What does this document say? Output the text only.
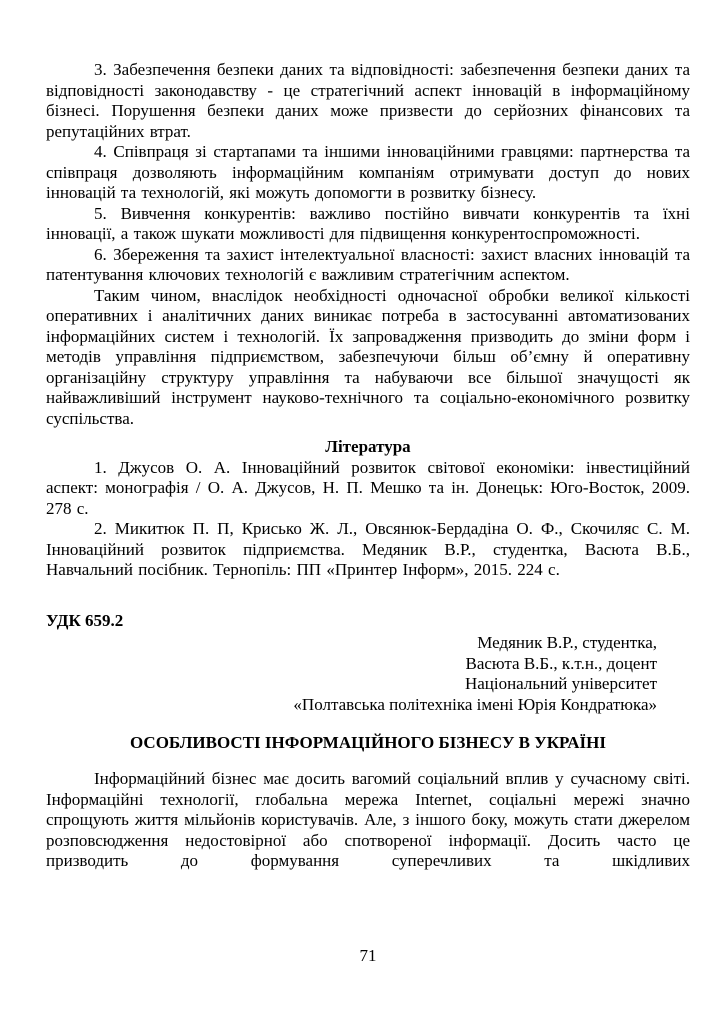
3. Забезпечення безпеки даних та відповідності: забезпечення безпеки даних та відповідності законодавству - це стратегічний аспект інновацій в інформаційному бізнесі. Порушення безпеки даних може призвести до серйозних фінансових та репутаційних втрат.

4. Співпраця зі стартапами та іншими інноваційними гравцями: партнерства та співпраця дозволяють інформаційним компаніям отримувати доступ до нових інновацій та технологій, які можуть допомогти в розвитку бізнесу.

5. Вивчення конкурентів: важливо постійно вивчати конкурентів та їхні інновації, а також шукати можливості для підвищення конкурентоспроможності.

6. Збереження та захист інтелектуальної власності: захист власних інновацій та патентування ключових технологій є важливим стратегічним аспектом.

Таким чином, внаслідок необхідності одночасної обробки великої кількості оперативних і аналітичних даних виникає потреба в застосуванні автоматизованих інформаційних систем і технологій. Їх запровадження призводить до зміни форм і методів управління підприємством, забезпечуючи більш об’ємну й оперативну організаційну структуру управління та набуваючи все більшої значущості як найважливіший інструмент науково-технічного та соціально-економічного розвитку суспільства.

Література

1. Джусов О. А. Інноваційний розвиток світової економіки: інвестиційний аспект: монографія / О. А. Джусов, Н. П. Мешко та ін. Донецьк: Юго-Восток, 2009. 278 с.

2. Микитюк П. П, Крисько Ж. Л., Овсянюк-Бердадіна О. Ф., Скочиляс С. М. Інноваційний розвиток підприємства. Медяник В.Р., студентка, Васюта В.Б., Навчальний посібник. Тернопіль: ПП «Принтер Інформ», 2015. 224 с.

УДК 659.2

Медяник В.Р., студентка,
Васюта В.Б., к.т.н., доцент
Національний університет
«Полтавська політехніка імені Юрія Кондратюка»
ОСОБЛИВОСТІ ІНФОРМАЦІЙНОГО БІЗНЕСУ В УКРАЇНІ

Інформаційний бізнес має досить вагомий соціальний вплив у сучасному світі. Інформаційні технології, глобальна мережа Internet, соціальні мережі значно спрощують життя мільйонів користувачів. Але, з іншого боку, можуть стати джерелом розповсюдження недостовірної або спотвореної інформації. Досить часто це призводить до формування суперечливих та шкідливих

71
